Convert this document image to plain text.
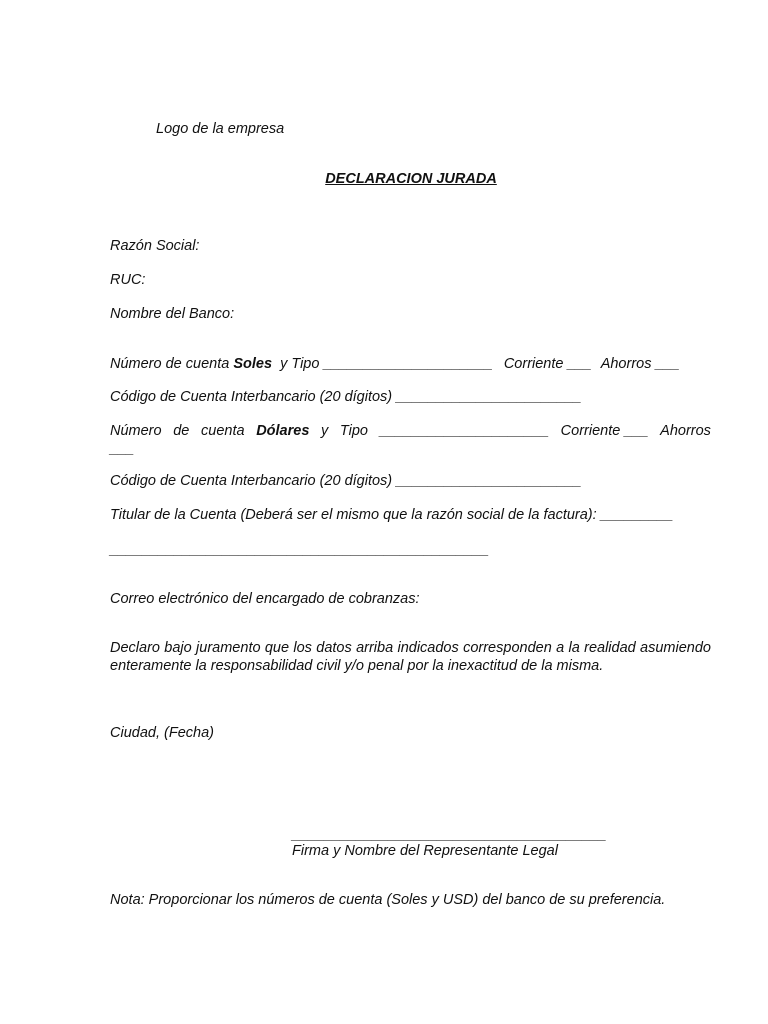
Logo de la empresa
DECLARACION JURADA
Razón Social:
RUC:
Nombre del Banco:
Número de cuenta Soles  y Tipo _____________________ Corriente ___ Ahorros ___
Código de Cuenta Interbancario (20 dígitos) _______________________
Número de cuenta Dólares y Tipo _____________________ Corriente ___ Ahorros
___
Código de Cuenta Interbancario (20 dígitos) _______________________
Titular de la Cuenta (Deberá ser el mismo que la razón social de la factura): _________
_______________________________________________
Correo electrónico del encargado de cobranzas:
Declaro bajo juramento que los datos arriba indicados corresponden a la realidad asumiendo enteramente la responsabilidad civil y/o penal por la inexactitud de la misma.
Ciudad, (Fecha)
_______________________________________
Firma y Nombre del Representante Legal
Nota: Proporcionar los números de cuenta (Soles y USD) del banco de su preferencia.
